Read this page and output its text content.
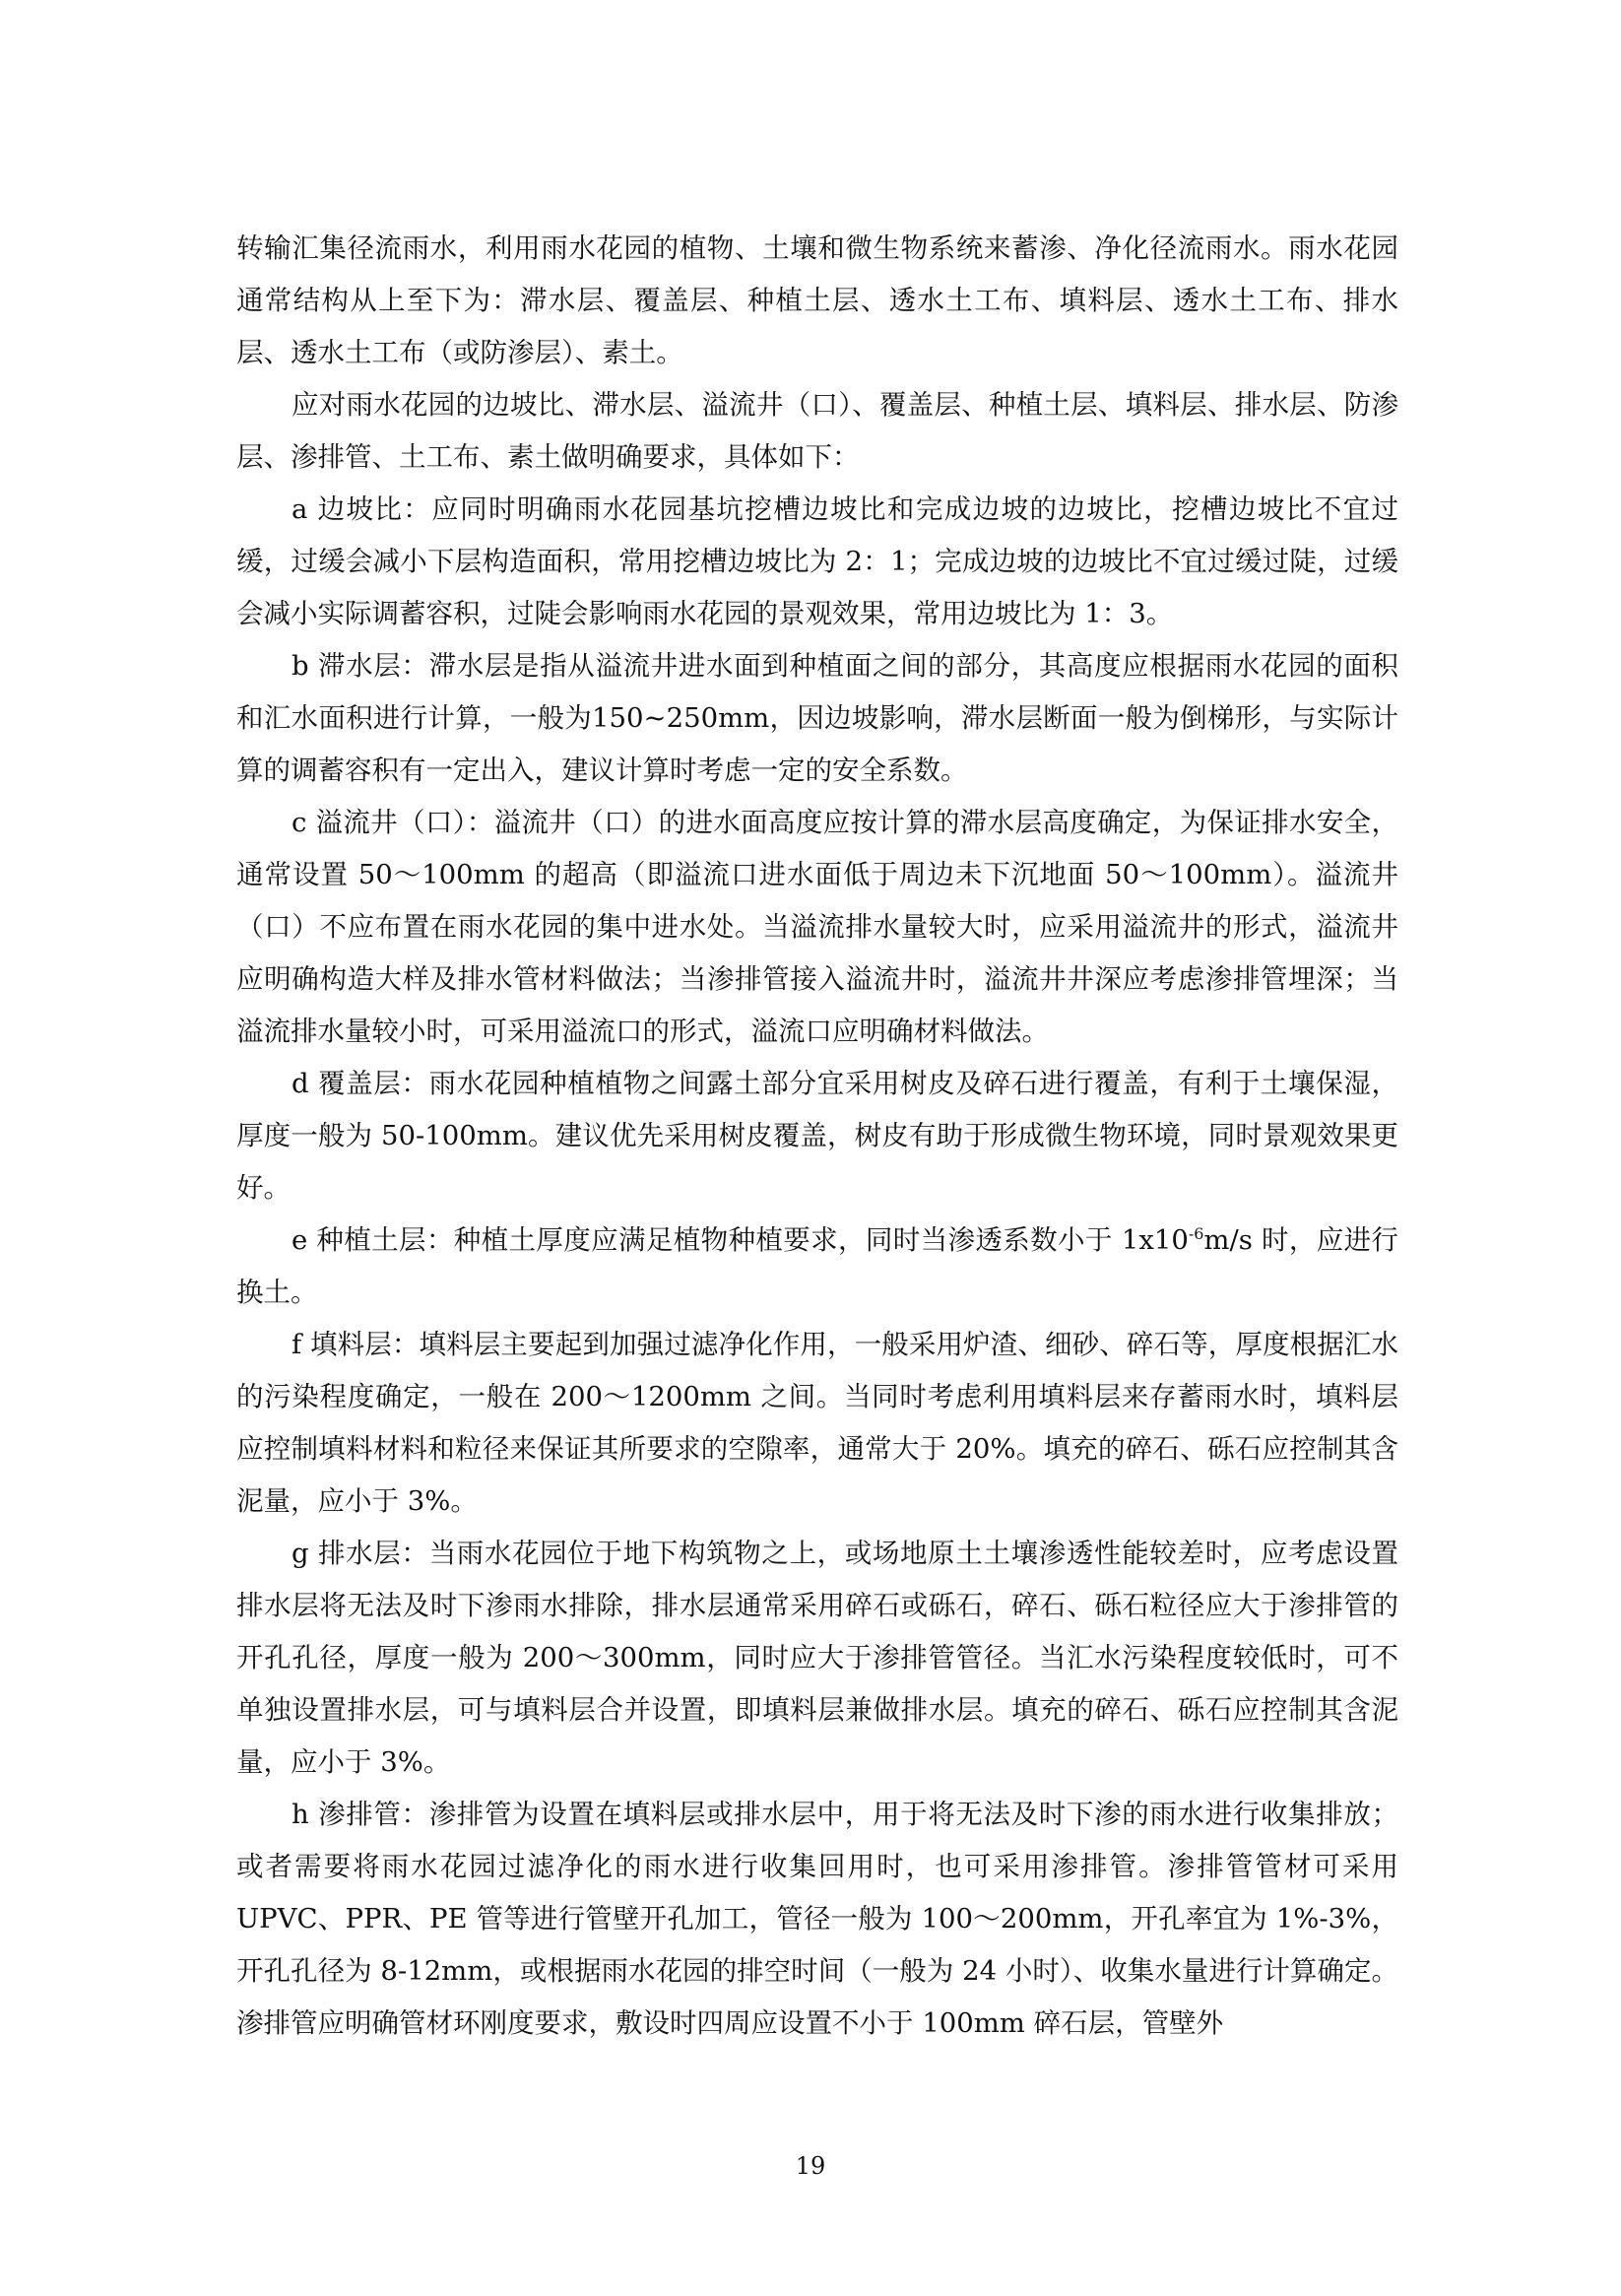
转输汇集径流雨水，利用雨水花园的植物、土壤和微生物系统来蓄渗、净化径流雨水。雨水花园通常结构从上至下为：滞水层、覆盖层、种植土层、透水土工布、填料层、透水土工布、排水层、透水土工布（或防渗层）、素土。

应对雨水花园的边坡比、滞水层、溢流井（口）、覆盖层、种植土层、填料层、排水层、防渗层、渗排管、土工布、素土做明确要求，具体如下：

a 边坡比：应同时明确雨水花园基坑挖槽边坡比和完成边坡的边坡比，挖槽边坡比不宜过缓，过缓会减小下层构造面积，常用挖槽边坡比为 2：1；完成边坡的边坡比不宜过缓过陡，过缓会减小实际调蓄容积，过陡会影响雨水花园的景观效果，常用边坡比为 1：3。

b 滞水层：滞水层是指从溢流井进水面到种植面之间的部分，其高度应根据雨水花园的面积和汇水面积进行计算，一般为150~250mm，因边坡影响，滞水层断面一般为倒梯形，与实际计算的调蓄容积有一定出入，建议计算时考虑一定的安全系数。

c 溢流井（口）：溢流井（口）的进水面高度应按计算的滞水层高度确定，为保证排水安全，通常设置 50～100mm 的超高（即溢流口进水面低于周边未下沉地面 50～100mm）。溢流井（口）不应布置在雨水花园的集中进水处。当溢流排水量较大时，应采用溢流井的形式，溢流井应明确构造大样及排水管材料做法；当渗排管接入溢流井时，溢流井井深应考虑渗排管埋深；当溢流排水量较小时，可采用溢流口的形式，溢流口应明确材料做法。

d 覆盖层：雨水花园种植植物之间露土部分宜采用树皮及碎石进行覆盖，有利于土壤保湿，厚度一般为 50-100mm。建议优先采用树皮覆盖，树皮有助于形成微生物环境，同时景观效果更好。

e 种植土层：种植土厚度应满足植物种植要求，同时当渗透系数小于 $1x10^{-6}m/s$ 时，应进行换土。

f 填料层：填料层主要起到加强过滤净化作用，一般采用炉渣、细砂、碎石等，厚度根据汇水的污染程度确定，一般在 200～1200mm 之间。当同时考虑利用填料层来存蓄雨水时，填料层应控制填料材料和粒径来保证其所要求的空隙率，通常大于 20%。填充的碎石、砾石应控制其含泥量，应小于 3%。

g 排水层：当雨水花园位于地下构筑物之上，或场地原土土壤渗透性能较差时，应考虑设置排水层将无法及时下渗雨水排除，排水层通常采用碎石或砾石，碎石、砾石粒径应大于渗排管的开孔孔径，厚度一般为 200～300mm，同时应大于渗排管管径。当汇水污染程度较低时，可不单独设置排水层，可与填料层合并设置，即填料层兼做排水层。填充的碎石、砾石应控制其含泥量，应小于 3%。

h 渗排管：渗排管为设置在填料层或排水层中，用于将无法及时下渗的雨水进行收集排放；或者需要将雨水花园过滤净化的雨水进行收集回用时，也可采用渗排管。渗排管管材可采用 UPVC、PPR、PE 管等进行管壁开孔加工，管径一般为 100～200mm，开孔率宜为 1%-3%，开孔孔径为 8-12mm，或根据雨水花园的排空时间（一般为 24 小时）、收集水量进行计算确定。渗排管应明确管材环刚度要求，敷设时四周应设置不小于 100mm 碎石层，管壁外

19
